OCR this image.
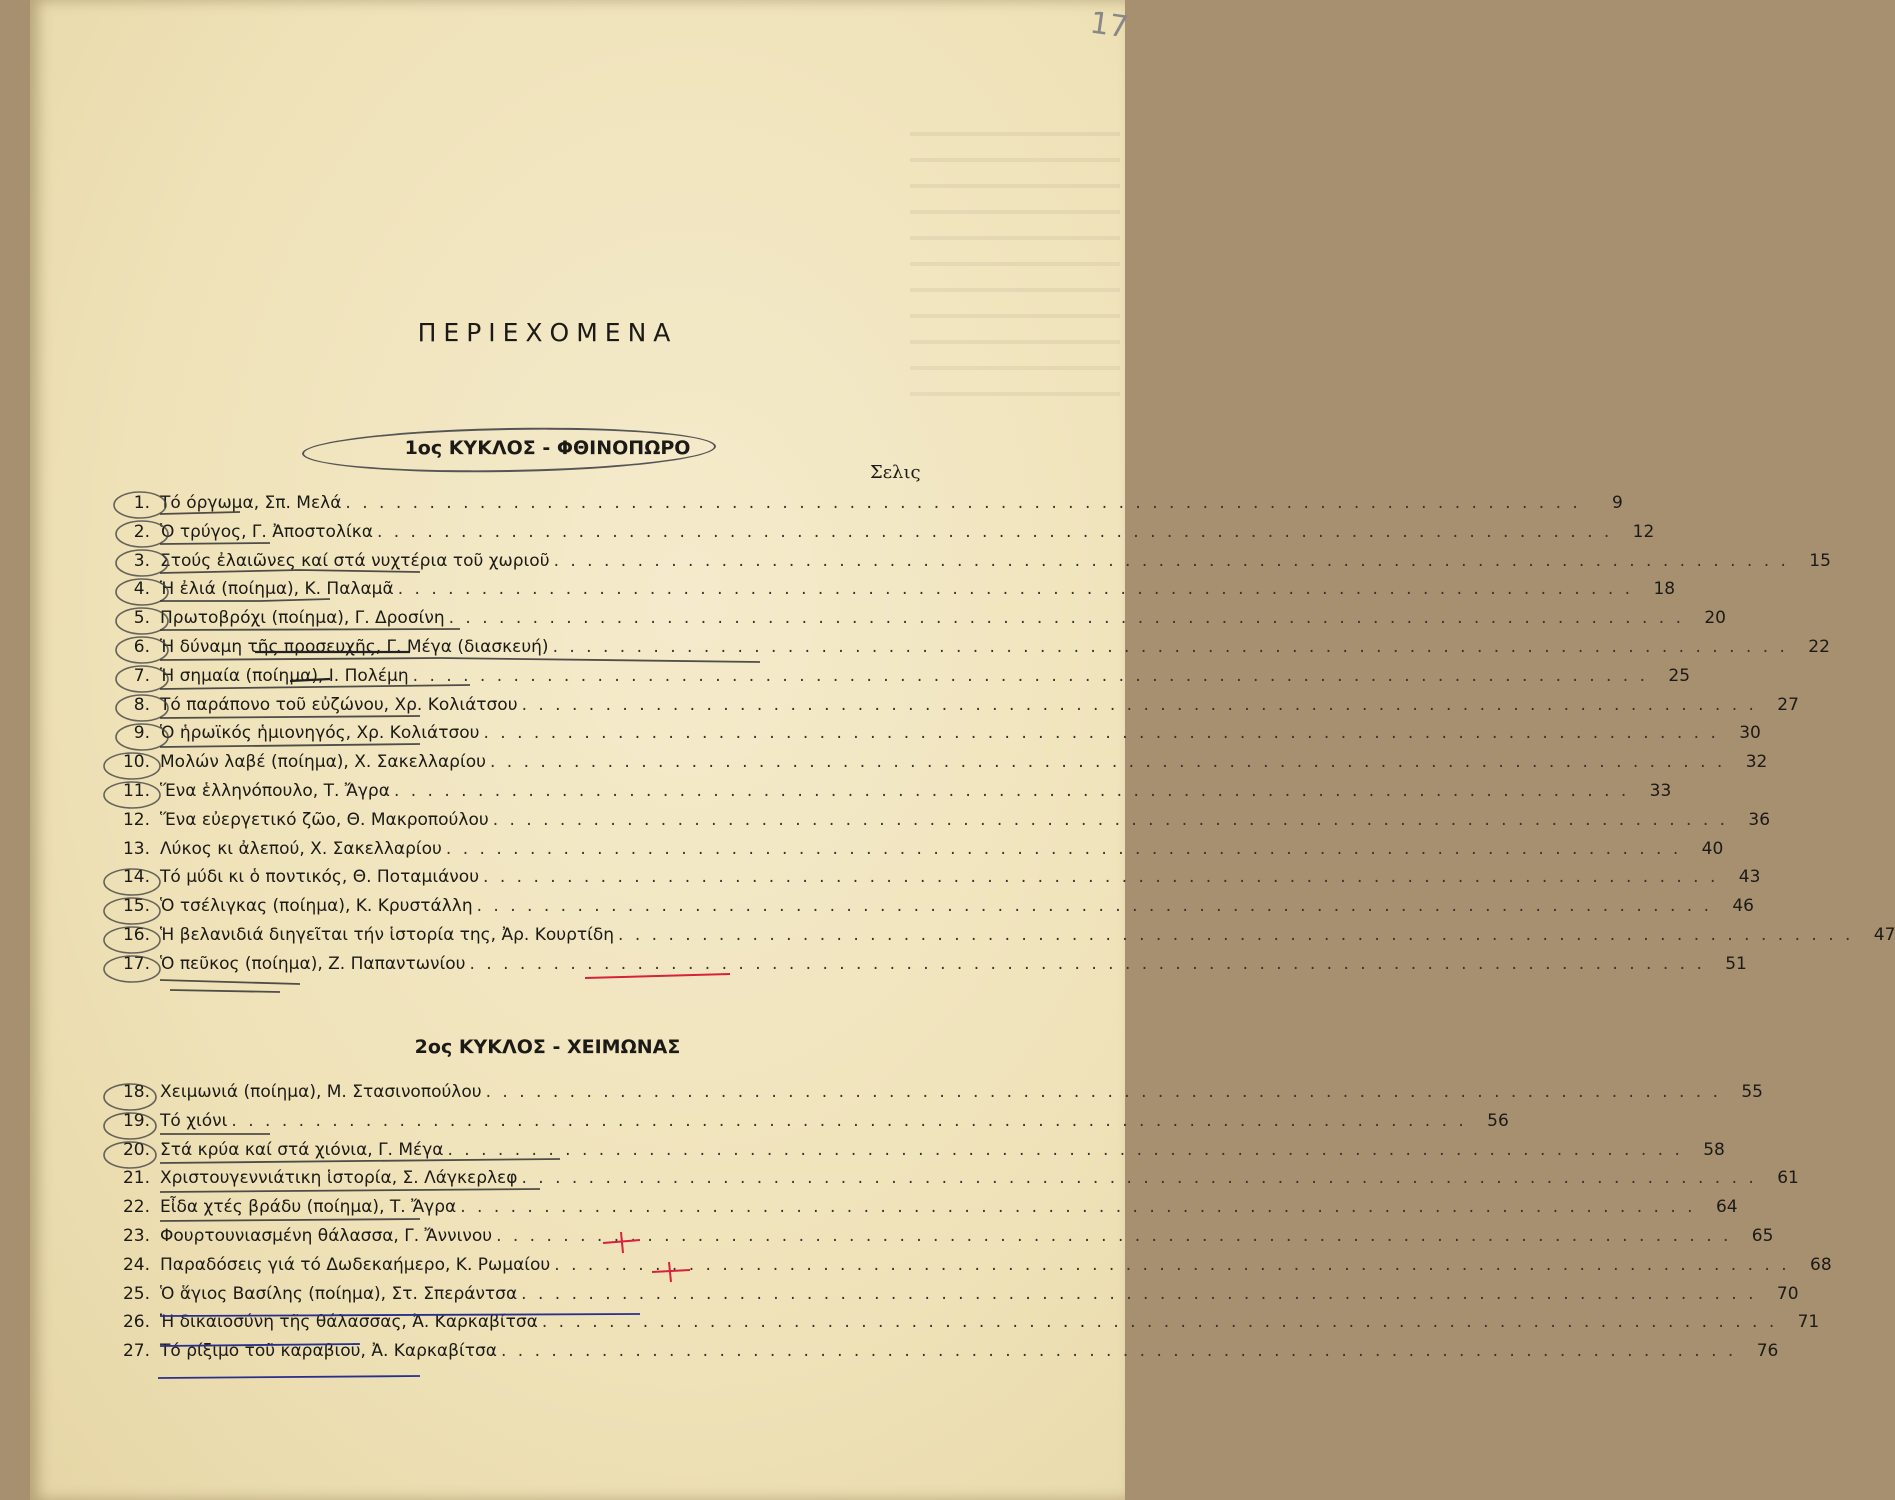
17
ΠΕΡΙΕΧΟΜΕΝΑ
1ος ΚΥΚΛΟΣ - ΦΘΙΝΟΠΩΡΟ
Σελις
1. Τό όργωμα, Σπ. Μελά . . .	9
2. Ὁ τρύγος, Γ. Ἀποστολίκα . . .	12
3. Στούς ἐλαιῶνες καί στά νυχτέρια τοῦ χωριοῦ . . .	15
4. Ἡ ἐλιά (ποίημα), Κ. Παλαμᾶ . . .	18
5. Πρωτοβρόχι (ποίημα), Γ. Δροσίνη . . .	20
6. Ἡ δύναμη τῆς προσευχῆς, Γ. Μέγα (διασκευή) . . .	22
7. Ἡ σημαία (ποίημα), Ι. Πολέμη . . .	25
8. Τό παράπονο τοῦ εὐζώνου, Χρ. Κολιάτσου . . .	27
9. Ὁ ἡρωϊκός ἡμιονηγός, Χρ. Κολιάτσου . . .	30
10. Μολών λαβέ (ποίημα), Χ. Σακελλαρίου . . .	32
11. Ἕνα ἑλληνόπουλο, Τ. Ἄγρα . . .	33
12. Ἕνα εὐεργετικό ζῶο, Θ. Μακροπούλου . . .	36
13. Λύκος κι ἀλεπού, Χ. Σακελλαρίου . . .	40
14. Τό μύδι κι ὁ ποντικός, Θ. Ποταμιάνου . . .	43
15. Ὁ τσέλιγκας (ποίημα), Κ. Κρυστάλλη . . .	46
16. Ἡ βελανιδιά διηγεῖται τήν ἱστορία της, Ἀρ. Κουρτίδη . . .	47
17. Ὁ πεῦκος (ποίημα), Ζ. Παπαντωνίου . . .	51
2ος ΚΥΚΛΟΣ - ΧΕΙΜΩΝΑΣ
18. Χειμωνιά (ποίημα), Μ. Στασινοπούλου . . .	55
19. Τό χιόνι . . .	56
20. Στά κρύα καί στά χιόνια, Γ. Μέγα . . .	58
21. Χριστουγεννιάτικη ἱστορία, Σ. Λάγκερλεφ . . .	61
22. Εἶδα χτές βράδυ (ποίημα), Τ. Ἄγρα . . .	64
23. Φουρτουνιασμένη θάλασσα, Γ. Ἄννινου . . .	65
24. Παραδόσεις γιά τό Δωδεκαήμερο, Κ. Ρωμαίου . . .	68
25. Ὁ ἅγιος Βασίλης (ποίημα), Στ. Σπεράντσα . . .	70
26. Ἡ δικαιοσύνη τῆς θάλασσας, Ἀ. Καρκαβίτσα . . .	71
27. Τό ρίξιμο τοῦ καραβιοῦ, Ἀ. Καρκαβίτσα . . .	76
